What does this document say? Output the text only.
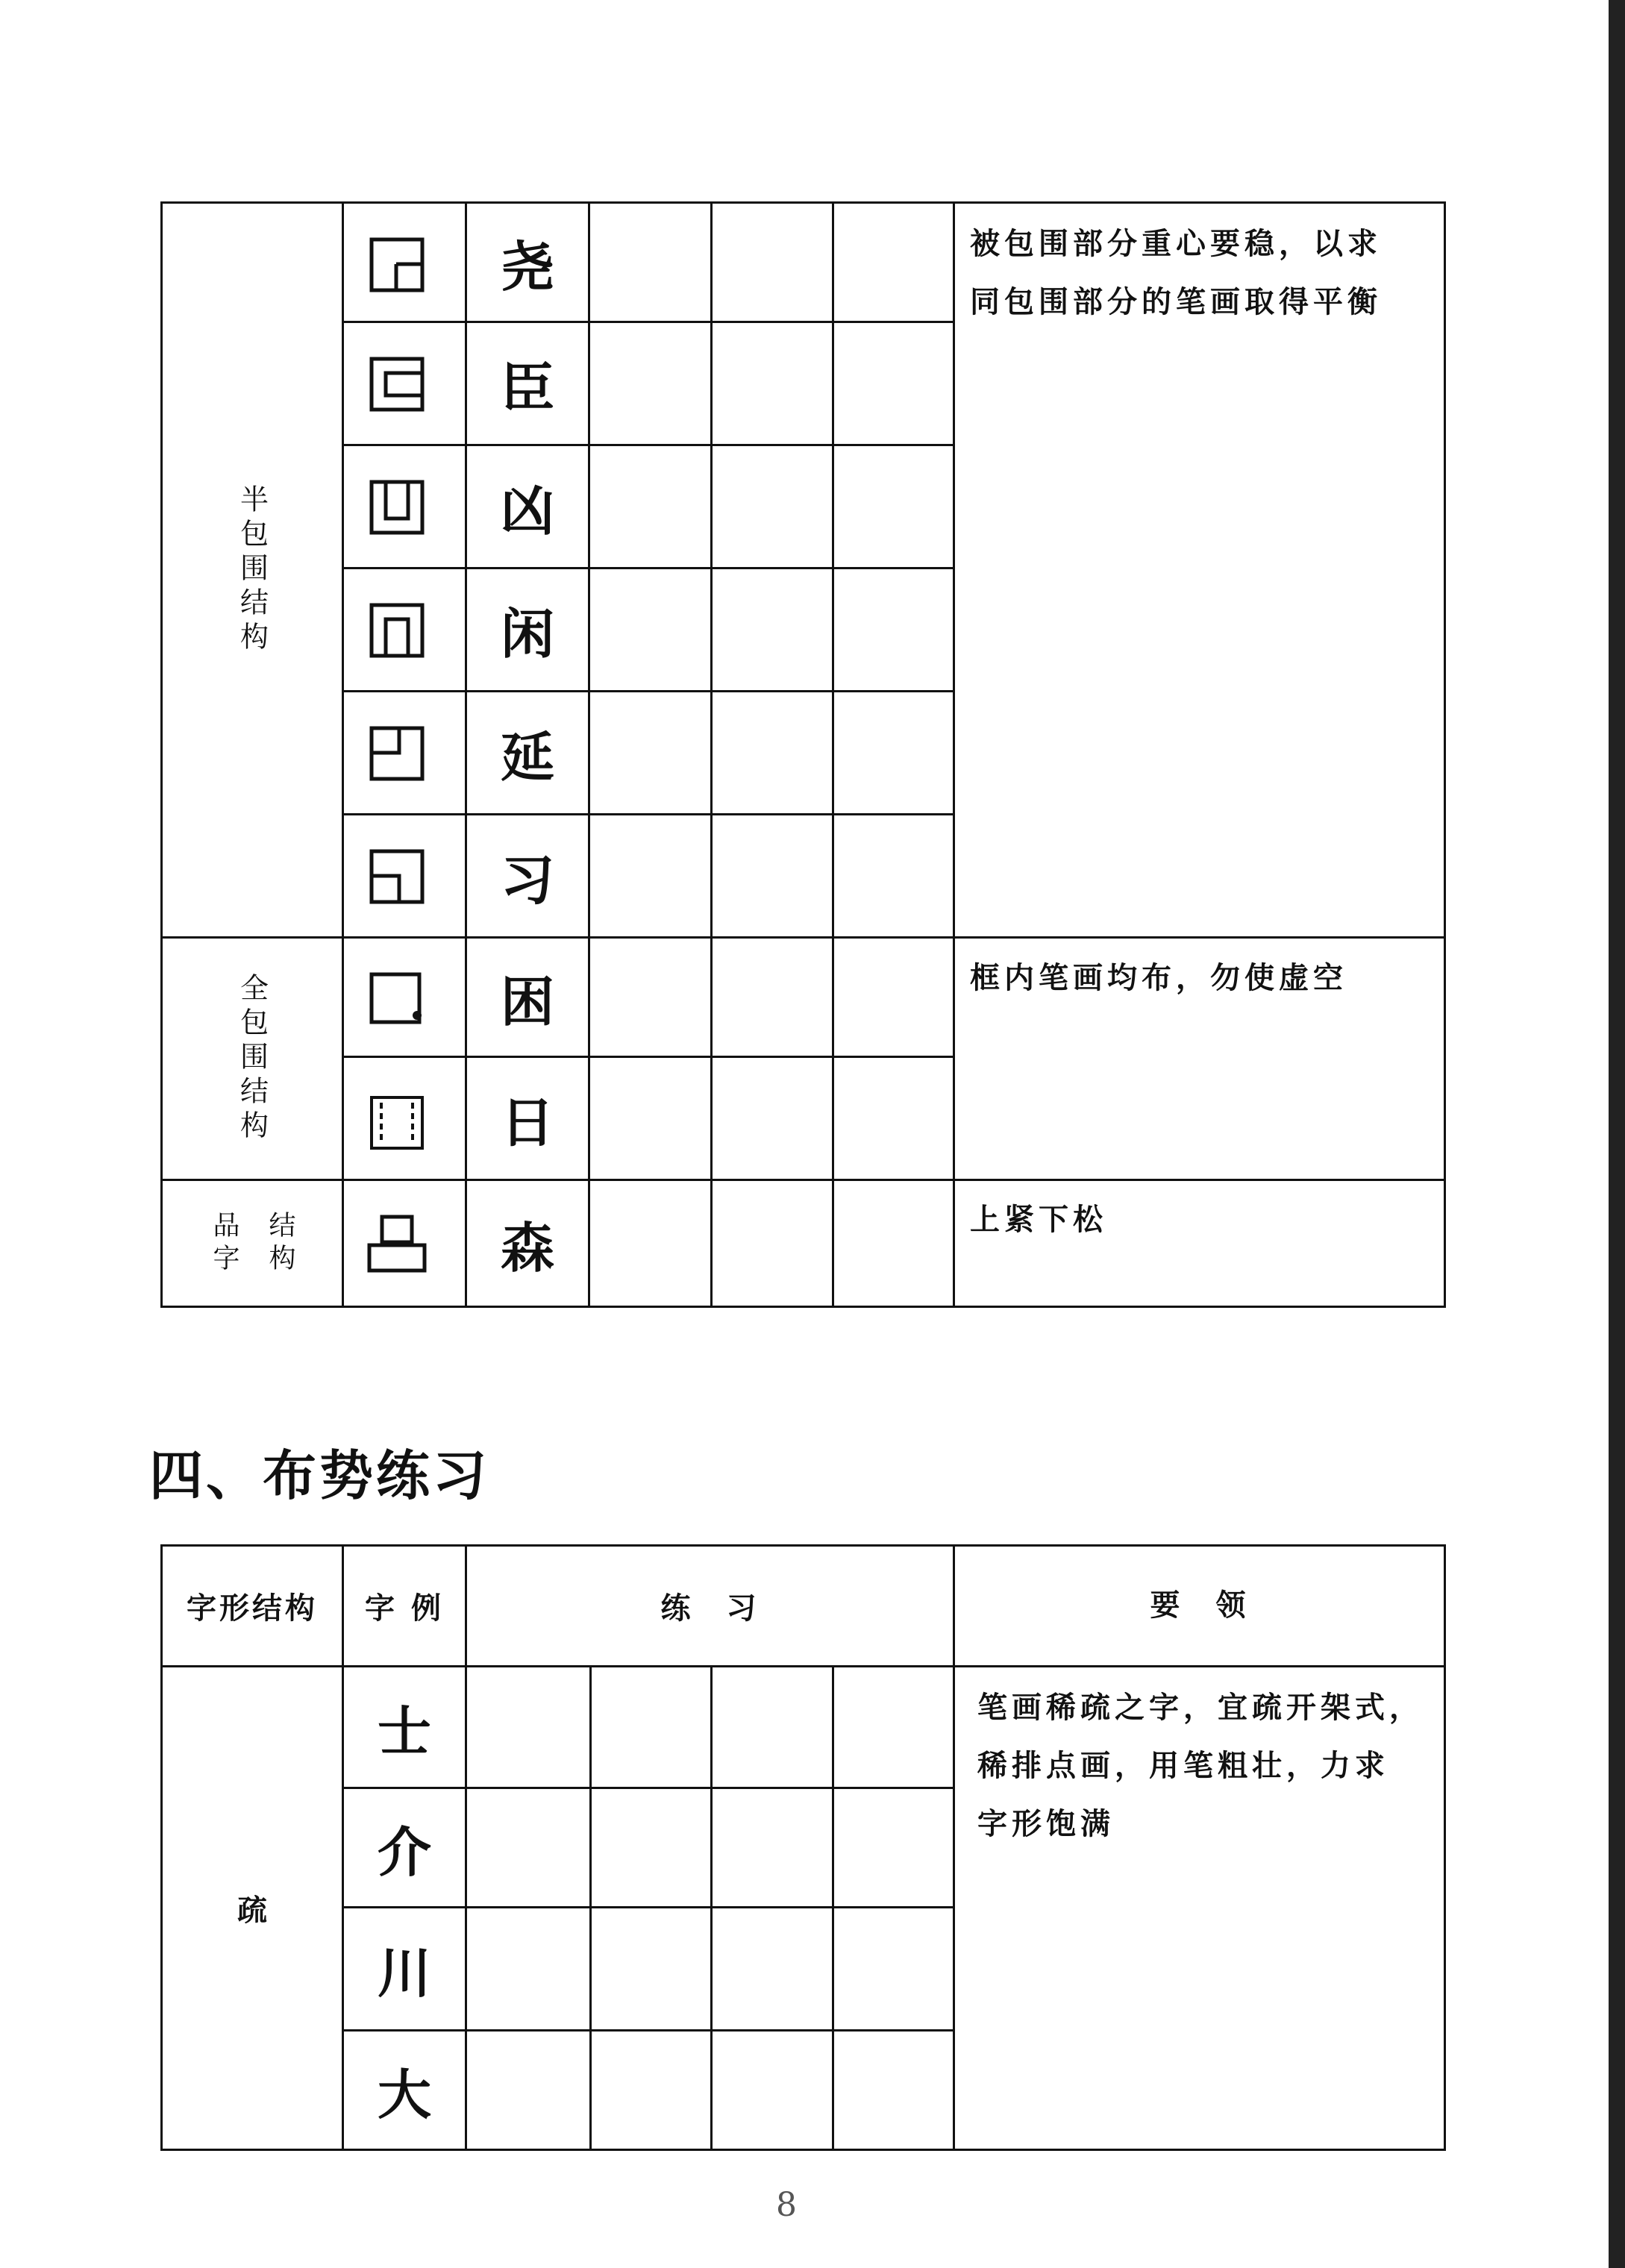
半包围结构
全包围结构
品字 结构
尧
臣
凶
闲
延
习
困
日
森
被包围部分重心要稳，以求
同包围部分的笔画取得平衡
框内笔画均布，勿使虚空
上紧下松
四、布势练习
字形结构 字 例	练　习	要　领
疏
士
介
川
大
笔画稀疏之字，宜疏开架式，
稀排点画，用笔粗壮，力求
字形饱满
8
